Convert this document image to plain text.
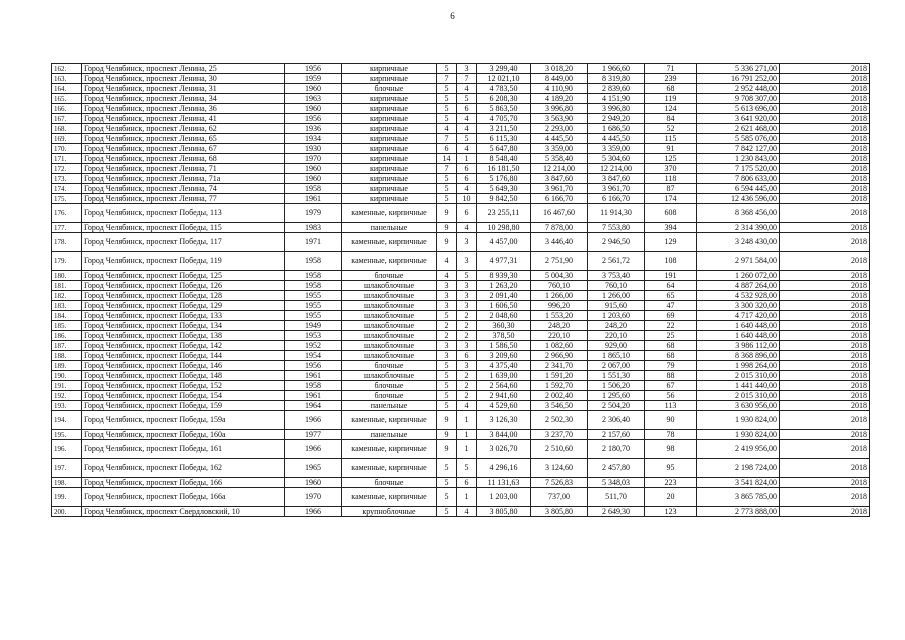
6
162.	Город Челябинск, проспект Ленина, 25	1956	кирпичные	5	3	3 299,40	3 018,20	1 966,60	71	5 336 271,00	2018
163.	Город Челябинск, проспект Ленина, 30	1959	кирпичные	7	7	12 021,10	8 449,00	8 319,80	239	16 791 252,00	2018
164.	Город Челябинск, проспект Ленина, 31	1960	блочные	5	4	4 783,50	4 110,90	2 839,60	68	2 952 448,00	2018
165.	Город Челябинск, проспект Ленина, 34	1963	кирпичные	5	5	6 208,30	4 189,20	4 151,90	119	9 708 307,00	2018
166.	Город Челябинск, проспект Ленина, 36	1960	кирпичные	5	6	5 863,50	3 996,80	3 996,80	124	5 613 696,00	2018
167.	Город Челябинск, проспект Ленина, 41	1956	кирпичные	5	4	4 705,70	3 563,90	2 949,20	84	3 641 920,00	2018
168.	Город Челябинск, проспект Ленина, 62	1936	кирпичные	4	4	3 211,50	2 293,00	1 686,50	52	2 621 468,00	2018
169.	Город Челябинск, проспект Ленина, 65	1934	кирпичные	7	5	6 115,30	4 445,50	4 445,50	115	5 585 076,00	2018
170.	Город Челябинск, проспект Ленина, 67	1930	кирпичные	6	4	5 647,80	3 359,00	3 359,00	91	7 842 127,00	2018
171.	Город Челябинск, проспект Ленина, 68	1970	кирпичные	14	1	8 548,40	5 358,40	5 304,60	125	1 230 843,00	2018
172.	Город Челябинск, проспект Ленина, 71	1960	кирпичные	7	6	16 181,50	12 214,00	12 214,00	370	7 175 520,00	2018
173.	Город Челябинск, проспект Ленина, 71а	1960	кирпичные	5	6	5 176,80	3 847,60	3 847,60	118	7 806 633,00	2018
174.	Город Челябинск, проспект Ленина, 74	1958	кирпичные	5	4	5 649,30	3 961,70	3 961,70	87	6 594 445,00	2018
175.	Город Челябинск, проспект Ленина, 77	1961	кирпичные	5	10	9 842,50	6 166,70	6 166,70	174	12 436 596,00	2018
176.	Город Челябинск, проспект Победы, 113	1979	каменные, кирпичные	9	6	23 255,11	16 467,60	11 914,30	608	8 368 456,00	2018
177.	Город Челябинск, проспект Победы, 115	1983	панельные	9	4	10 298,80	7 878,00	7 553,80	394	2 314 390,00	2018
178.	Город Челябинск, проспект Победы, 117	1971	каменные, кирпичные	9	3	4 457,00	3 446,40	2 946,50	129	3 248 430,00	2018
179.	Город Челябинск, проспект Победы, 119	1958	каменные, кирпичные	4	3	4 977,31	2 751,90	2 561,72	108	2 971 584,00	2018
180.	Город Челябинск, проспект Победы, 125	1958	блочные	4	5	8 939,30	5 004,30	3 753,40	191	1 260 072,00	2018
181.	Город Челябинск, проспект Победы, 126	1958	шлакоблочные	3	3	1 263,20	760,10	760,10	64	4 887 264,00	2018
182.	Город Челябинск, проспект Победы, 128	1955	шлакоблочные	3	3	2 091,40	1 266,00	1 266,00	65	4 532 928,00	2018
183.	Город Челябинск, проспект Победы, 129	1955	шлакоблочные	3	3	1 606,50	996,20	915,60	47	3 300 320,00	2018
184.	Город Челябинск, проспект Победы, 133	1955	шлакоблочные	5	2	2 048,60	1 553,20	1 203,60	69	4 717 420,00	2018
185.	Город Челябинск, проспект Победы, 134	1949	шлакоблочные	2	2	360,30	248,20	248,20	22	1 640 448,00	2018
186.	Город Челябинск, проспект Победы, 138	1953	шлакоблочные	2	2	378,50	220,10	220,10	25	1 640 448,00	2018
187.	Город Челябинск, проспект Победы, 142	1952	шлакоблочные	3	3	1 586,50	1 082,60	929,00	68	3 986 112,00	2018
188.	Город Челябинск, проспект Победы, 144	1954	шлакоблочные	3	6	3 209,60	2 966,90	1 865,10	68	8 368 896,00	2018
189.	Город Челябинск, проспект Победы, 146	1956	блочные	5	3	4 375,40	2 341,70	2 067,00	79	1 998 264,00	2018
190.	Город Челябинск, проспект Победы, 148	1961	шлакоблочные	5	2	1 639,00	1 591,20	1 551,30	88	2 015 310,00	2018
191.	Город Челябинск, проспект Победы, 152	1958	блочные	5	2	2 564,60	1 592,70	1 506,20	67	1 441 440,00	2018
192.	Город Челябинск, проспект Победы, 154	1961	блочные	5	2	2 941,60	2 002,40	1 295,60	56	2 015 310,00	2018
193.	Город Челябинск, проспект Победы, 159	1964	панельные	5	4	4 529,60	3 546,50	2 504,20	113	3 630 956,00	2018
194.	Город Челябинск, проспект Победы, 159а	1966	каменные, кирпичные	9	1	3 126,30	2 502,30	2 306,40	90	1 930 824,00	2018
195.	Город Челябинск, проспект Победы, 160а	1977	панельные	9	1	3 844,00	3 237,70	2 157,60	78	1 930 824,00	2018
196.	Город Челябинск, проспект Победы, 161	1966	каменные, кирпичные	9	1	3 026,70	2 510,60	2 180,70	98	2 419 956,00	2018
197.	Город Челябинск, проспект Победы, 162	1965	каменные, кирпичные	5	5	4 296,16	3 124,60	2 457,80	95	2 198 724,00	2018
198.	Город Челябинск, проспект Победы, 166	1960	блочные	5	6	11 131,63	7 526,83	5 348,03	223	3 541 824,00	2018
199.	Город Челябинск, проспект Победы, 166а	1970	каменные, кирпичные	5	1	1 203,00	737,00	511,70	20	3 865 785,00	2018
200.	Город Челябинск, проспект Свердловский, 10	1966	крупноблочные	5	4	3 805,80	3 805,80	2 649,30	123	2 773 888,00	2018
